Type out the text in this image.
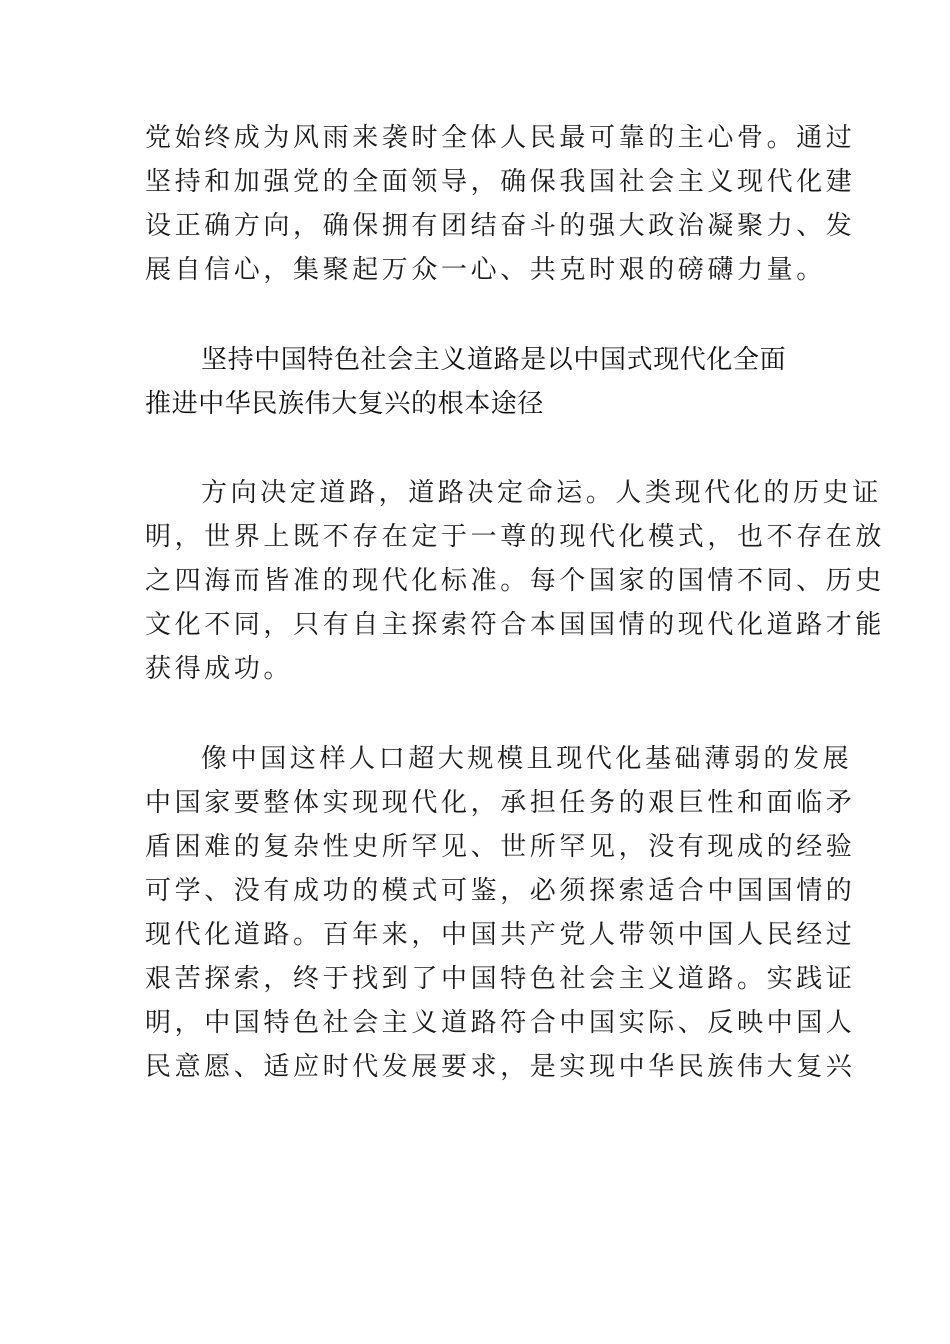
党始终成为风雨来袭时全体人民最可靠的主心骨。通过
坚持和加强党的全面领导，确保我国社会主义现代化建
设正确方向，确保拥有团结奋斗的强大政治凝聚力、发
展自信心，集聚起万众一心、共克时艰的磅礴力量。
坚持中国特色社会主义道路是以中国式现代化全面
推进中华民族伟大复兴的根本途径
方向决定道路，道路决定命运。人类现代化的历史证
明，世界上既不存在定于一尊的现代化模式，也不存在放
之四海而皆准的现代化标准。每个国家的国情不同、历史
文化不同，只有自主探索符合本国国情的现代化道路才能
获得成功。
像中国这样人口超大规模且现代化基础薄弱的发展
中国家要整体实现现代化，承担任务的艰巨性和面临矛
盾困难的复杂性史所罕见、世所罕见，没有现成的经验
可学、没有成功的模式可鉴，必须探索适合中国国情的
现代化道路。百年来，中国共产党人带领中国人民经过
艰苦探索，终于找到了中国特色社会主义道路。实践证
明，中国特色社会主义道路符合中国实际、反映中国人
民意愿、适应时代发展要求，是实现中华民族伟大复兴
